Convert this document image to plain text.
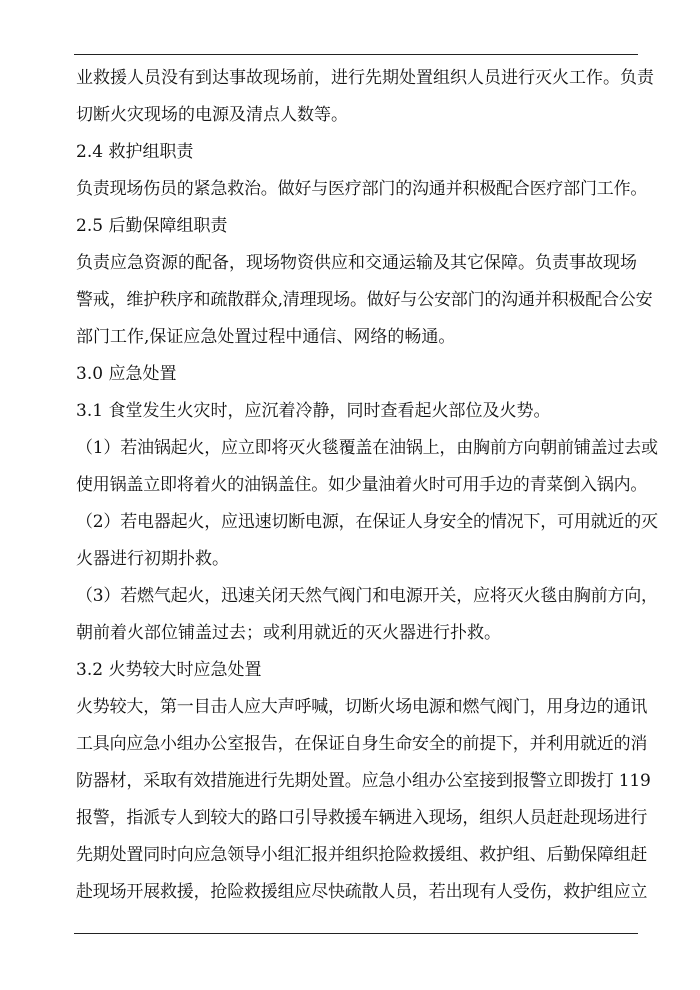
业救援人员没有到达事故现场前，进行先期处置组织人员进行灭火工作。负责
切断火灾现场的电源及清点人数等。
2.4 救护组职责
负责现场伤员的紧急救治。做好与医疗部门的沟通并积极配合医疗部门工作。
2.5 后勤保障组职责
负责应急资源的配备，现场物资供应和交通运输及其它保障。负责事故现场
警戒，维护秩序和疏散群众,清理现场。做好与公安部门的沟通并积极配合公安
部门工作,保证应急处置过程中通信、网络的畅通。
3.0 应急处置
3.1 食堂发生火灾时，应沉着冷静，同时查看起火部位及火势。
（1）若油锅起火，应立即将灭火毯覆盖在油锅上，由胸前方向朝前铺盖过去或
使用锅盖立即将着火的油锅盖住。如少量油着火时可用手边的青菜倒入锅内。
（2）若电器起火，应迅速切断电源，在保证人身安全的情况下，可用就近的灭
火器进行初期扑救。
（3）若燃气起火，迅速关闭天然气阀门和电源开关，应将灭火毯由胸前方向，
朝前着火部位铺盖过去；或利用就近的灭火器进行扑救。
3.2 火势较大时应急处置
火势较大，第一目击人应大声呼喊，切断火场电源和燃气阀门，用身边的通讯
工具向应急小组办公室报告，在保证自身生命安全的前提下，并利用就近的消
防器材，采取有效措施进行先期处置。应急小组办公室接到报警立即拨打 119
报警，指派专人到较大的路口引导救援车辆进入现场，组织人员赶赴现场进行
先期处置同时向应急领导小组汇报并组织抢险救援组、救护组、后勤保障组赶
赴现场开展救援，抢险救援组应尽快疏散人员，若出现有人受伤，救护组应立
